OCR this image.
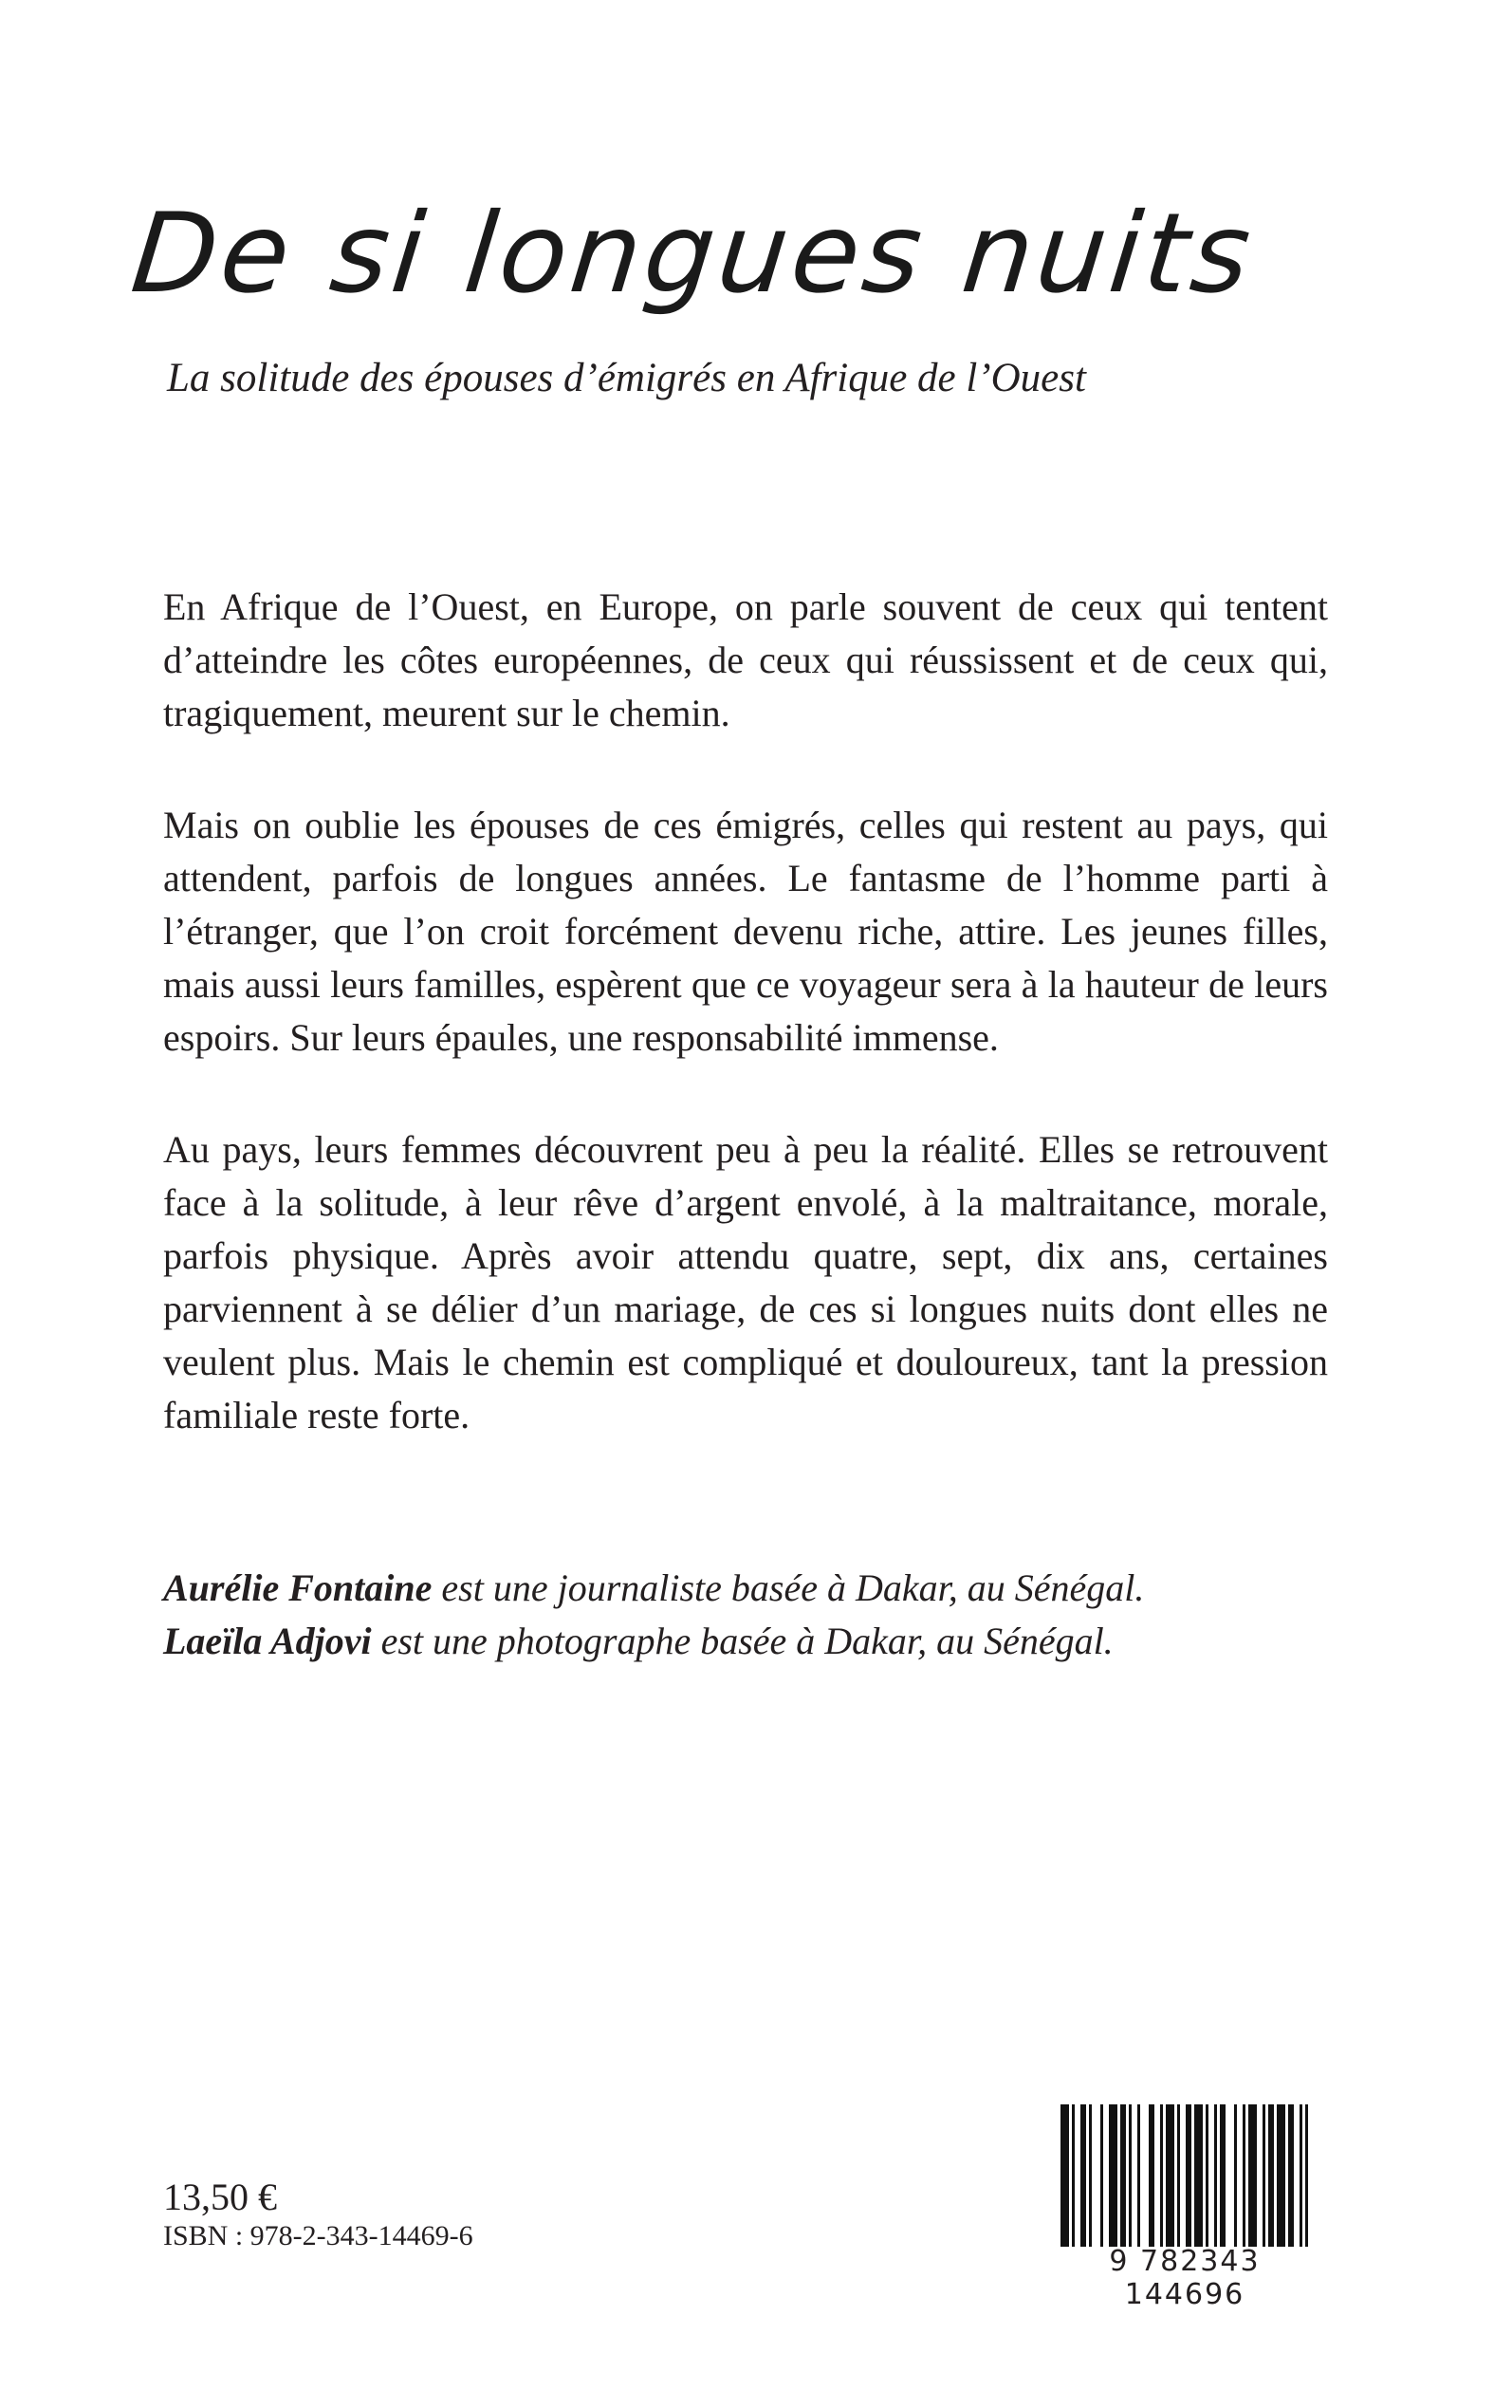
De si longues nuits

La solitude des épouses d’émigrés en Afrique de l’Ouest

En Afrique de l’Ouest, en Europe, on parle souvent de ceux qui tentent d’atteindre les côtes européennes, de ceux qui réussissent et de ceux qui, tragiquement, meurent sur le chemin.

Mais on oublie les épouses de ces émigrés, celles qui restent au pays, qui attendent, parfois de longues années. Le fantasme de l’homme parti à l’étranger, que l’on croit forcément devenu riche, attire. Les jeunes filles, mais aussi leurs familles, espèrent que ce voyageur sera à la hauteur de leurs espoirs. Sur leurs épaules, une responsabilité immense.

Au pays, leurs femmes découvrent peu à peu la réalité. Elles se retrouvent face à la solitude, à leur rêve d’argent envolé, à la maltraitance, morale, parfois physique. Après avoir attendu quatre, sept, dix ans, certaines parviennent à se délier d’un mariage, de ces si longues nuits dont elles ne veulent plus. Mais le chemin est compliqué et douloureux, tant la pression familiale reste forte.

Aurélie Fontaine est une journaliste basée à Dakar, au Sénégal.

Laeïla Adjovi est une photographe basée à Dakar, au Sénégal.

13,50 €

ISBN : 978-2-343-14469-6

9 782343 144696
